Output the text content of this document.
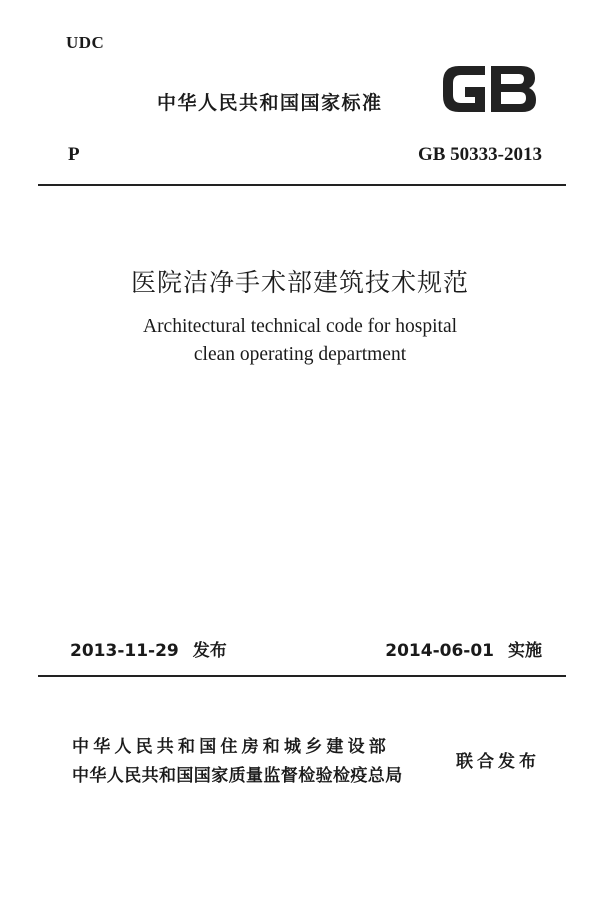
UDC
中华人民共和国国家标准
P	GB 50333-2013
医院洁净手术部建筑技术规范
Architectural technical code for hospital
clean operating department
2013-11-29 发布	2014-06-01 实施
中华人民共和国住房和城乡建设部
中华人民共和国国家质量监督检验检疫总局
联合发布
